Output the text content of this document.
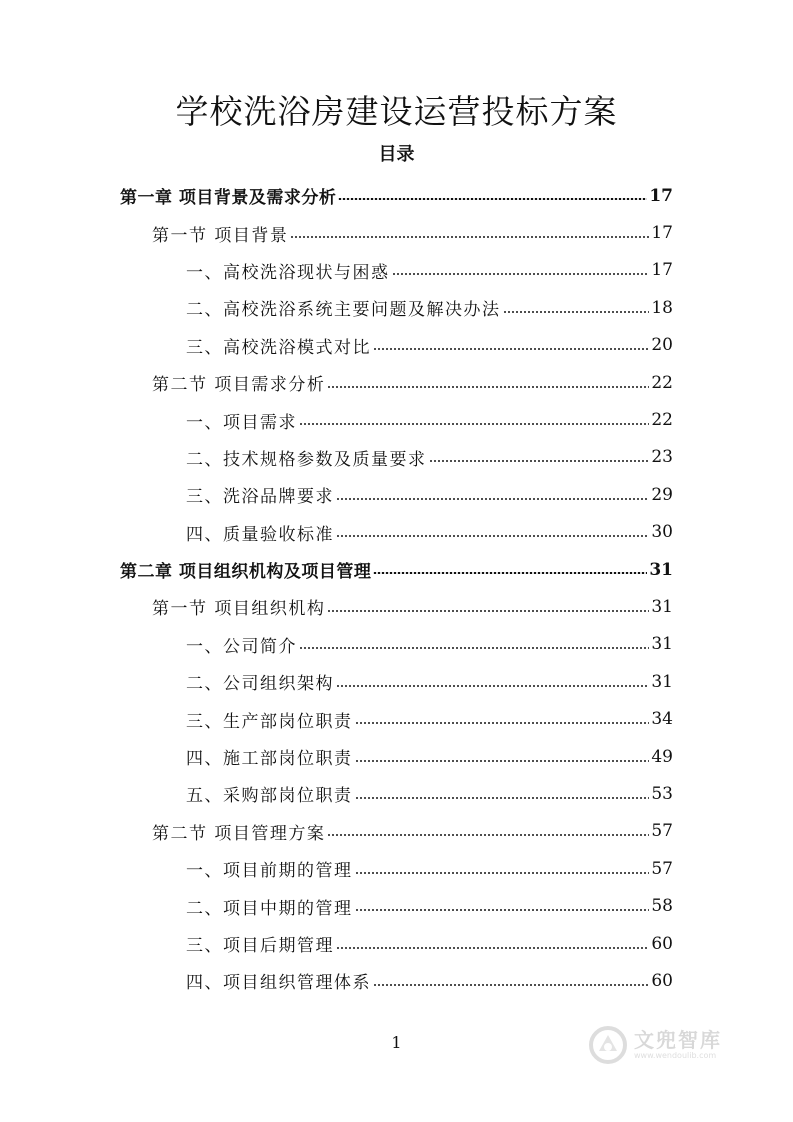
学校洗浴房建设运营投标方案
目录
第一章 项目背景及需求分析	17
第一节 项目背景	17
一、高校洗浴现状与困惑	17
二、高校洗浴系统主要问题及解决办法	18
三、高校洗浴模式对比	20
第二节 项目需求分析	22
一、项目需求	22
二、技术规格参数及质量要求	23
三、洗浴品牌要求	29
四、质量验收标准	30
第二章 项目组织机构及项目管理	31
第一节 项目组织机构	31
一、公司简介	31
二、公司组织架构	31
三、生产部岗位职责	34
四、施工部岗位职责	49
五、采购部岗位职责	53
第二节 项目管理方案	57
一、项目前期的管理	57
二、项目中期的管理	58
三、项目后期管理	60
四、项目组织管理体系	60
1	文兜智库
www.wendoulib.com
